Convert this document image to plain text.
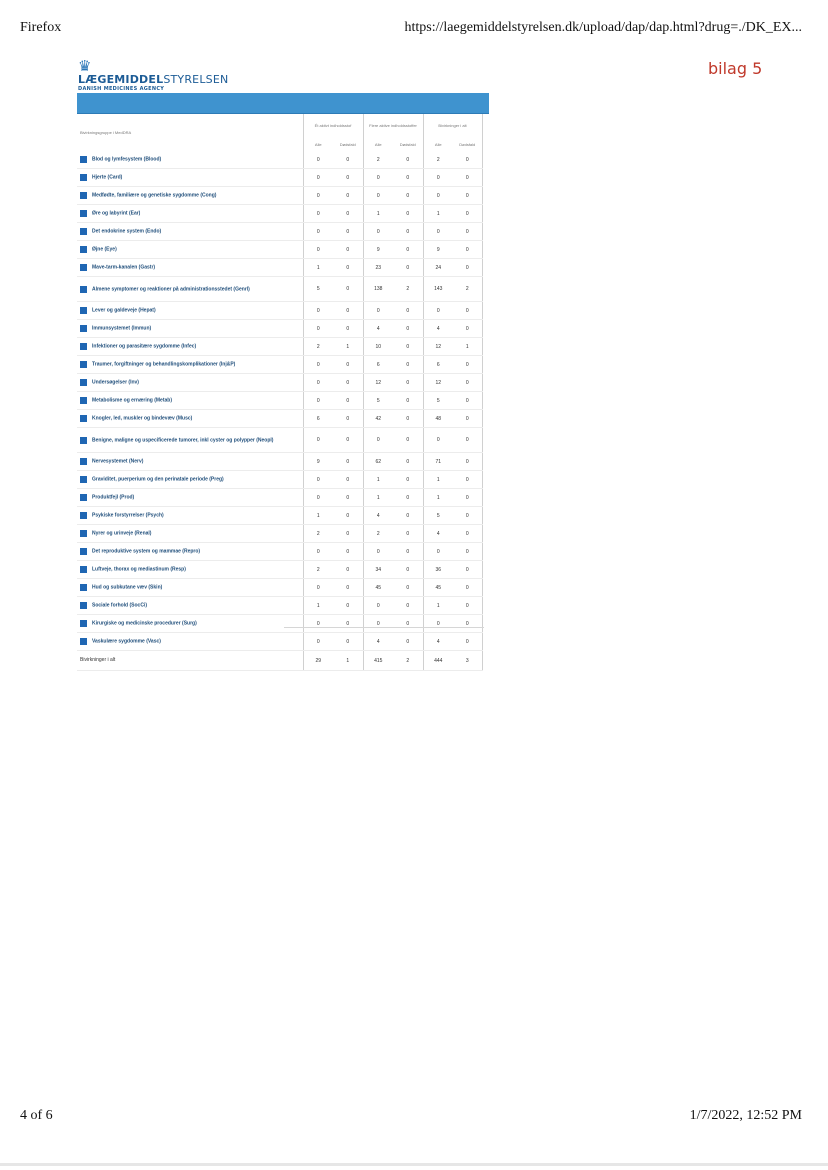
Firefox	https://laegemiddelstyrelsen.dk/upload/dap/dap.html?drug=./DK_EX...
bilag 5
♛
LÆGEMIDDELSTYRELSEN
DANISH MEDICINES AGENCY
Bivirkningsgruppe i MedDRA	Ét aktivt indholdsstof		Flere aktive indholdsstoffer		Bivirkninger i alt	
	Alle	Dødsfald	Alle	Dødsfald	Alle	Dødsfald
Blod og lymfesystem (Blood)	0	0	2	0	2	0
Hjerte (Card)	0	0	0	0	0	0
Medfødte, familiære og genetiske sygdomme (Cong)	0	0	0	0	0	0
Øre og labyrint (Ear)	0	0	1	0	1	0
Det endokrine system (Endo)	0	0	0	0	0	0
Øjne (Eye)	0	0	9	0	9	0
Mave-tarm-kanalen (Gastr)	1	0	23	0	24	0
Almene symptomer og reaktioner på administrationsstedet (Genrl)	5	0	138	2	143	2
Lever og galdeveje (Hepat)	0	0	0	0	0	0
Immunsystemet (Immun)	0	0	4	0	4	0
Infektioner og parasitære sygdomme (Infec)	2	1	10	0	12	1
Traumer, forgiftninger og behandlingskomplikationer (Inj&P)	0	0	6	0	6	0
Undersøgelser (Inv)	0	0	12	0	12	0
Metabolisme og ernæring (Metab)	0	0	5	0	5	0
Knogler, led, muskler og bindevæv (Musc)	6	0	42	0	48	0
Benigne, maligne og uspecificerede tumorer, inkl cyster og polypper (Neopl)	0	0	0	0	0	0
Nervesystemet (Nerv)	9	0	62	0	71	0
Graviditet, puerperium og den perinatale periode (Preg)	0	0	1	0	1	0
Produktfejl (Prod)	0	0	1	0	1	0
Psykiske forstyrrelser (Psych)	1	0	4	0	5	0
Nyrer og urinveje (Renal)	2	0	2	0	4	0
Det reproduktive system og mammae (Repro)	0	0	0	0	0	0
Luftveje, thorax og mediastinum (Resp)	2	0	34	0	36	0
Hud og subkutane væv (Skin)	0	0	45	0	45	0
Sociale forhold (SocCi)	1	0	0	0	1	0
Kirurgiske og medicinske procedurer (Surg)	0	0	0	0	0	0
Vaskulære sygdomme (Vasc)	0	0	4	0	4	0
Bivirkninger i alt	29	1	415	2	444	3
4 of 6	1/7/2022, 12:52 PM
